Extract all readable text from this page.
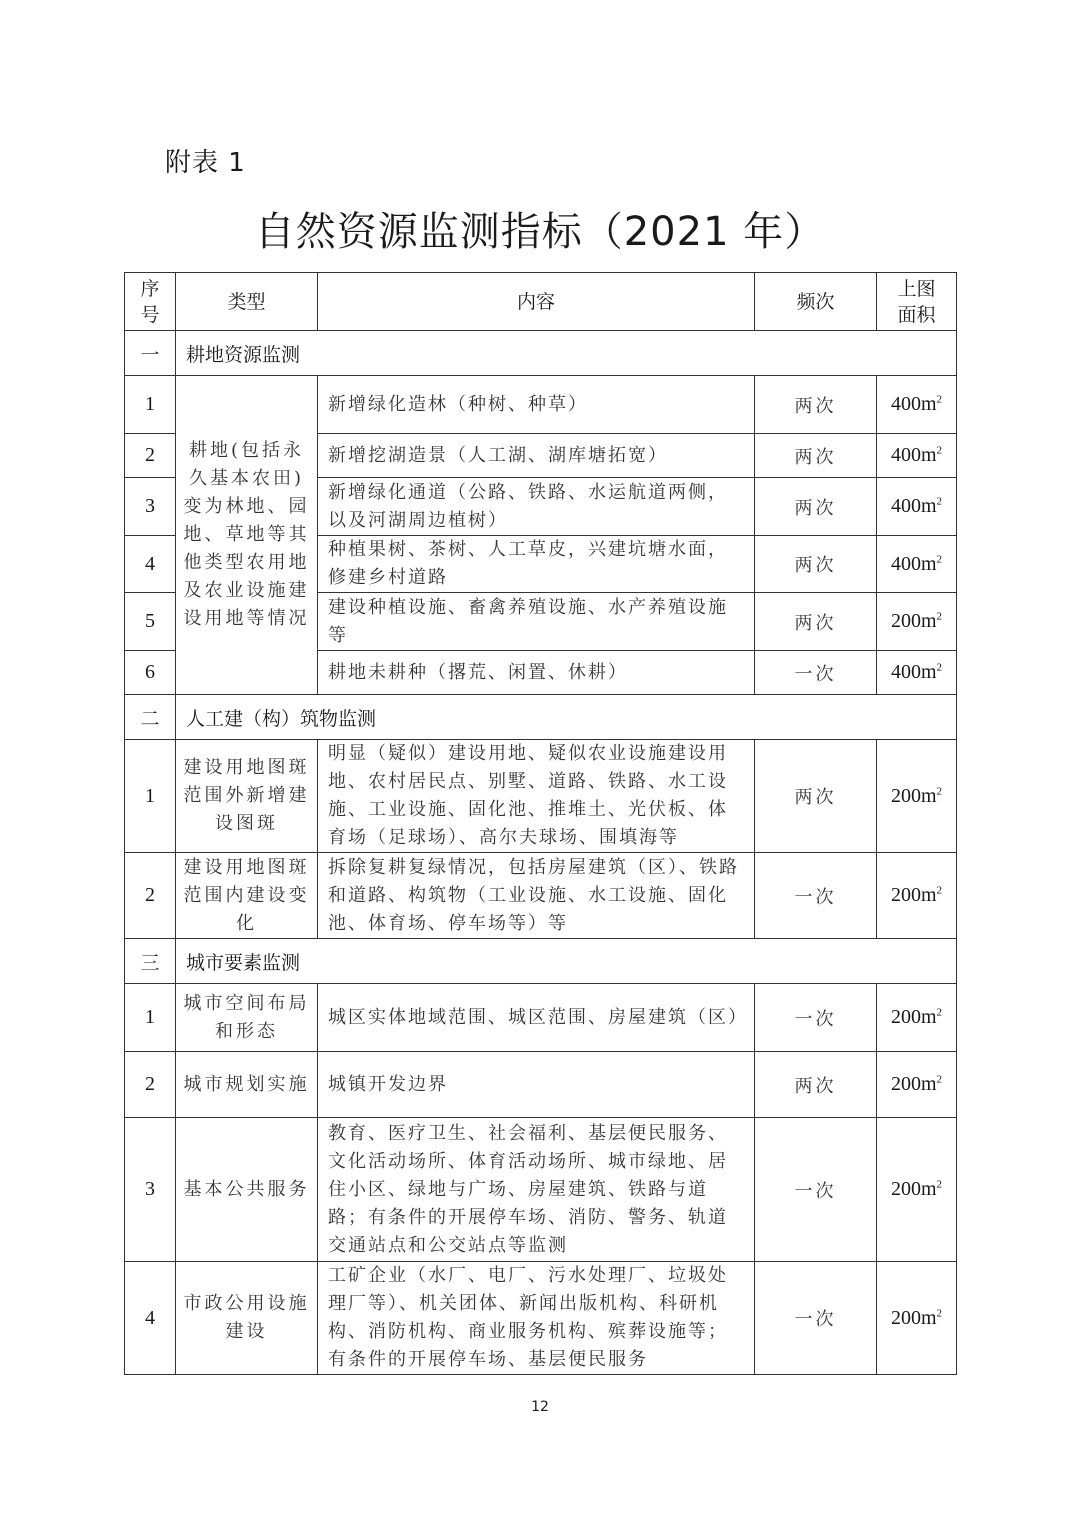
附表 1
自然资源监测指标（2021 年）
序号	类型	内容	频次	上图面积

一	耕地资源监测			
1	耕地(包括永久基本农田)变为林地、园地、草地等其他类型农用地及农业设施建设用地等情况	新增绿化造林（种树、种草）	两次	$400m^2$
2		新增挖湖造景（人工湖、湖库塘拓宽）	两次	$400m^2$
3		新增绿化通道（公路、铁路、水运航道两侧，以及河湖周边植树）	两次	$400m^2$
4		种植果树、茶树、人工草皮，兴建坑塘水面，修建乡村道路	两次	$400m^2$
5		建设种植设施、畜禽养殖设施、水产养殖设施等	两次	$200m^2$
6		耕地未耕种（撂荒、闲置、休耕）	一次	$400m^2$
二	人工建（构）筑物监测			
1	建设用地图斑范围外新增建设图斑	明显（疑似）建设用地、疑似农业设施建设用地、农村居民点、别墅、道路、铁路、水工设施、工业设施、固化池、推堆土、光伏板、体育场（足球场）、高尔夫球场、围填海等	两次	$200m^2$
2	建设用地图斑范围内建设变化	拆除复耕复绿情况，包括房屋建筑（区）、铁路和道路、构筑物（工业设施、水工设施、固化池、体育场、停车场等）等	一次	$200m^2$
三	城市要素监测			
1	城市空间布局和形态	城区实体地域范围、城区范围、房屋建筑（区）	一次	$200m^2$
2	城市规划实施	城镇开发边界	两次	$200m^2$
3	基本公共服务	教育、医疗卫生、社会福利、基层便民服务、文化活动场所、体育活动场所、城市绿地、居住小区、绿地与广场、房屋建筑、铁路与道路；有条件的开展停车场、消防、警务、轨道交通站点和公交站点等监测	一次	$200m^2$
4	市政公用设施建设	工矿企业（水厂、电厂、污水处理厂、垃圾处理厂等）、机关团体、新闻出版机构、科研机构、消防机构、商业服务机构、殡葬设施等；有条件的开展停车场、基层便民服务	一次	$200m^2$
12
